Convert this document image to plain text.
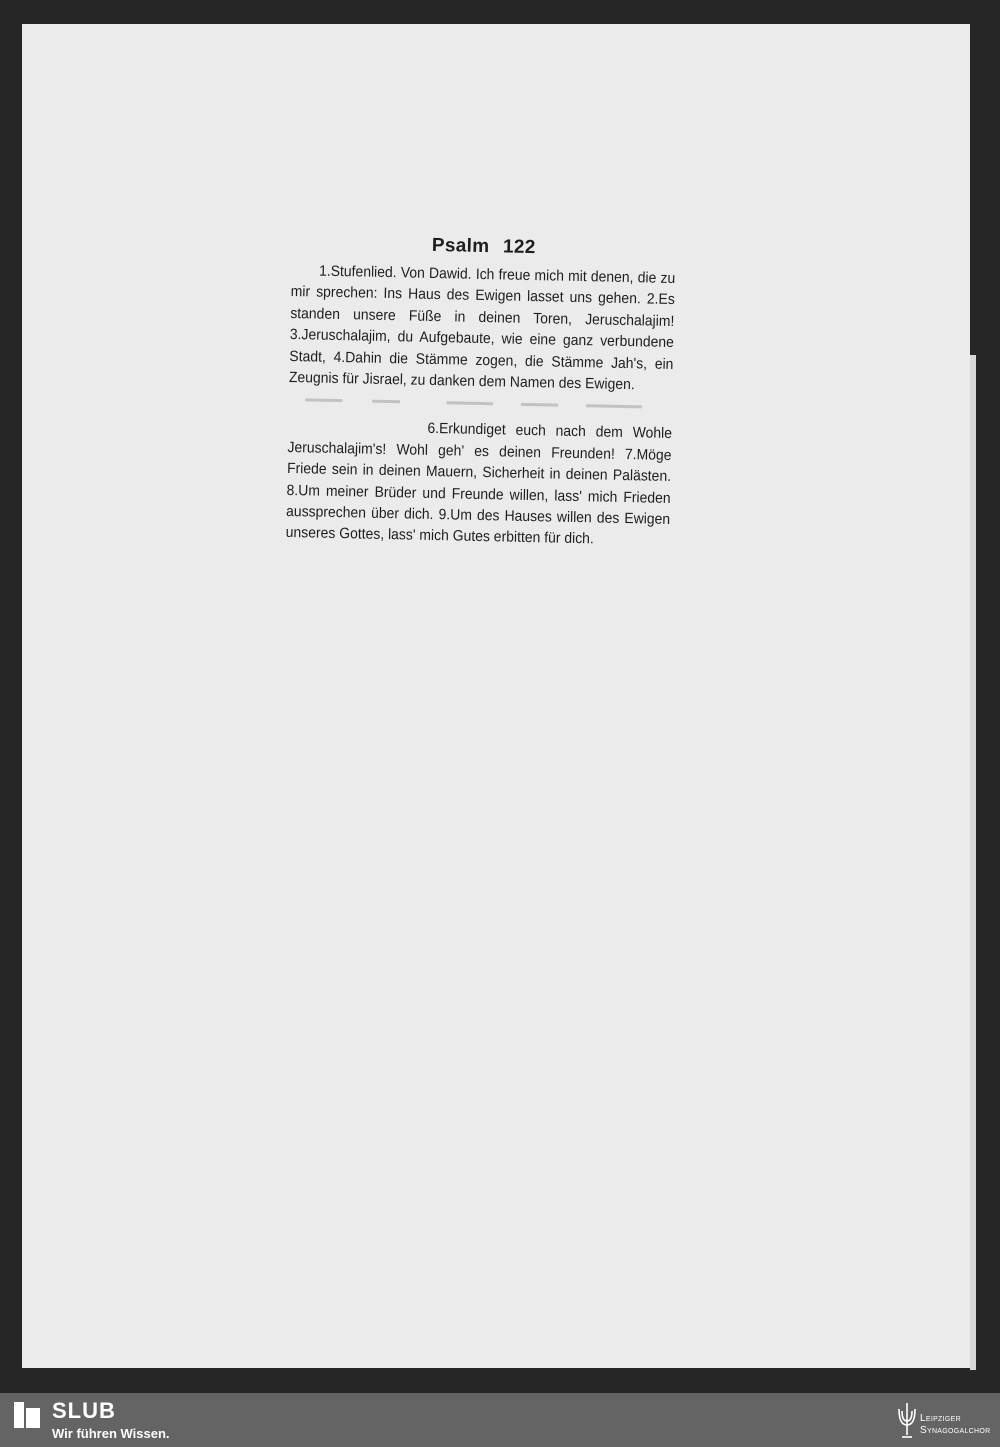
Psalm 122

1.Stufenlied. Von Dawid. Ich freue mich mit denen, die zu mir sprechen: Ins Haus des Ewigen lasset uns gehen. 2.Es standen unsere Füße in deinen Toren, Jeruschalajim! 3.Jeruschalajim, du Aufgebaute, wie eine ganz verbundene Stadt, 4.Dahin die Stämme zogen, die Stämme Jah's, ein Zeugnis für Jisrael, zu danken dem Namen des Ewigen.

6.Erkundiget euch nach dem Wohle Jeruschalajim's! Wohl geh' es deinen Freunden! 7.Möge Friede sein in deinen Mauern, Sicherheit in deinen Palästen. 8.Um meiner Brüder und Freunde willen, lass' mich Frieden aussprechen über dich. 9.Um des Hauses willen des Ewigen unseres Gottes, lass' mich Gutes erbitten für dich.

SLUB
Wir führen Wissen.
Leipziger
Synagogalchor
